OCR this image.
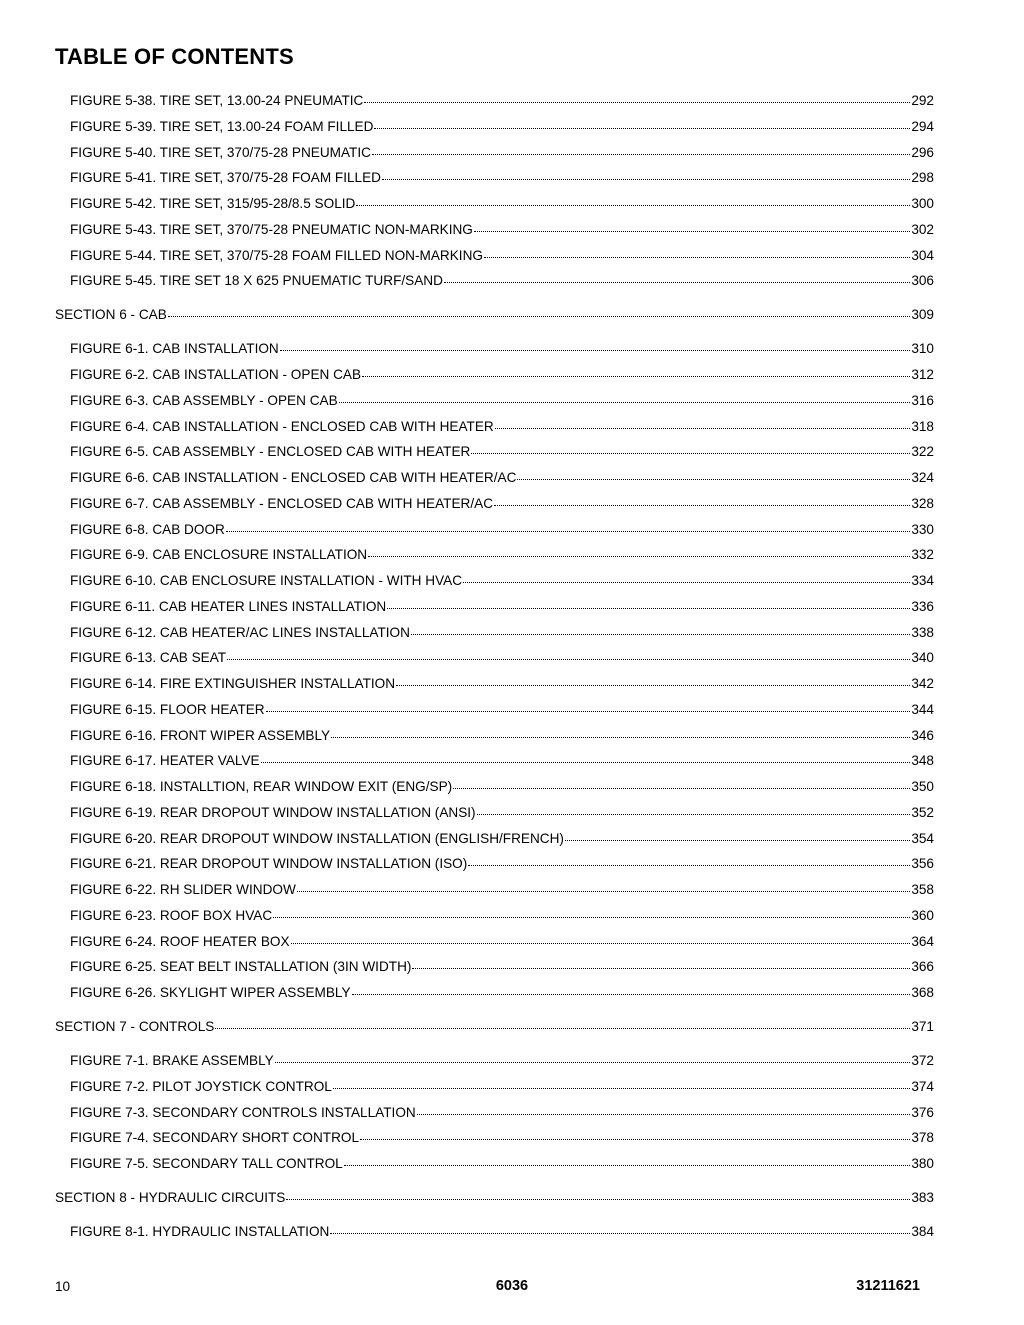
TABLE OF CONTENTS
FIGURE 5-38. TIRE SET, 13.00-24 PNEUMATIC	292
FIGURE 5-39. TIRE SET, 13.00-24 FOAM FILLED	294
FIGURE 5-40. TIRE SET, 370/75-28 PNEUMATIC	296
FIGURE 5-41. TIRE SET, 370/75-28 FOAM FILLED	298
FIGURE 5-42. TIRE SET, 315/95-28/8.5 SOLID	300
FIGURE 5-43. TIRE SET, 370/75-28 PNEUMATIC NON-MARKING	302
FIGURE 5-44. TIRE SET, 370/75-28 FOAM FILLED NON-MARKING	304
FIGURE 5-45. TIRE SET 18 X 625 PNUEMATIC TURF/SAND	306
SECTION 6 - CAB	309
FIGURE 6-1. CAB INSTALLATION	310
FIGURE 6-2. CAB INSTALLATION - OPEN CAB	312
FIGURE 6-3. CAB ASSEMBLY - OPEN CAB	316
FIGURE 6-4. CAB INSTALLATION - ENCLOSED CAB WITH HEATER	318
FIGURE 6-5. CAB ASSEMBLY - ENCLOSED CAB WITH HEATER	322
FIGURE 6-6. CAB INSTALLATION - ENCLOSED CAB WITH HEATER/AC	324
FIGURE 6-7. CAB ASSEMBLY - ENCLOSED CAB WITH HEATER/AC	328
FIGURE 6-8. CAB DOOR	330
FIGURE 6-9. CAB ENCLOSURE INSTALLATION	332
FIGURE 6-10. CAB ENCLOSURE INSTALLATION - WITH HVAC	334
FIGURE 6-11. CAB HEATER LINES INSTALLATION	336
FIGURE 6-12. CAB HEATER/AC LINES INSTALLATION	338
FIGURE 6-13. CAB SEAT	340
FIGURE 6-14. FIRE EXTINGUISHER INSTALLATION	342
FIGURE 6-15. FLOOR HEATER	344
FIGURE 6-16. FRONT WIPER ASSEMBLY	346
FIGURE 6-17. HEATER VALVE	348
FIGURE 6-18. INSTALLTION, REAR WINDOW EXIT (ENG/SP)	350
FIGURE 6-19. REAR DROPOUT WINDOW INSTALLATION (ANSI)	352
FIGURE 6-20. REAR DROPOUT WINDOW INSTALLATION (ENGLISH/FRENCH)	354
FIGURE 6-21. REAR DROPOUT WINDOW INSTALLATION (ISO)	356
FIGURE 6-22. RH SLIDER WINDOW	358
FIGURE 6-23. ROOF BOX HVAC	360
FIGURE 6-24. ROOF HEATER BOX	364
FIGURE 6-25. SEAT BELT INSTALLATION (3IN WIDTH)	366
FIGURE 6-26. SKYLIGHT WIPER ASSEMBLY	368
SECTION 7 - CONTROLS	371
FIGURE 7-1. BRAKE ASSEMBLY	372
FIGURE 7-2. PILOT JOYSTICK CONTROL	374
FIGURE 7-3. SECONDARY CONTROLS INSTALLATION	376
FIGURE 7-4. SECONDARY SHORT CONTROL	378
FIGURE 7-5. SECONDARY TALL CONTROL	380
SECTION 8 - HYDRAULIC CIRCUITS	383
FIGURE 8-1. HYDRAULIC INSTALLATION	384
10	6036	31211621
